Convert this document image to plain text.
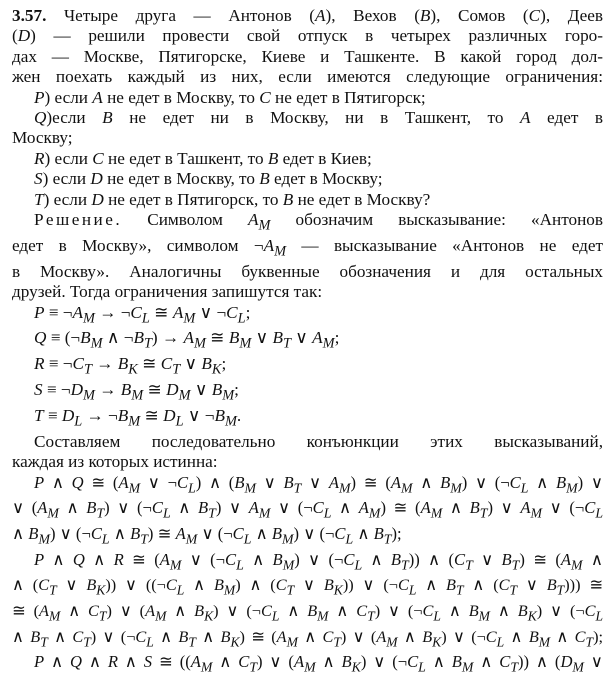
3.57. Четыре друга — Антонов (A), Вехов (B), Сомов (C), Деев
(D) — решили провести свой отпуск в четырех различных горо-
дах — Москве, Пятигорске, Киеве и Ташкенте. В какой город дол-
жен поехать каждый из них, если имеются следующие ограничения:
P) если A не едет в Москву, то C не едет в Пятигорск;
Q)если B не едет ни в Москву, ни в Ташкент, то A едет в
Москву;
R) если C не едет в Ташкент, то B едет в Киев;
S) если D не едет в Москву, то B едет в Москву;
T) если D не едет в Пятигорск, то B не едет в Москву?
Решение. Символом $A_M$ обозначим высказывание: «Антонов
едет в Москву», символом $\neg A_M$ — высказывание «Антонов не едет
в Москву». Аналогичны буквенные обозначения и для остальных
друзей. Тогда ограничения запишутся так:
$P \equiv \neg A_M$ → $\neg C_L$ ≅ $A_M$ ∨ $\neg C_L$;
$Q \equiv (\neg B_M$ ∧ $\neg B_T) \to A_M$ ≅ $B_M$ ∨ $B_T$ ∨ $A_M$;
$R \equiv \neg C_T \to B_K$ ≅ $C_T$ ∨ $B_K$;
$S \equiv \neg D_M \to B_M$ ≅ $D_M$ ∨ $B_M$;
$T \equiv D_L$ → $\neg B_M$ ≅ $D_L$ ∨ $\neg B_M$.
Составляем последовательно конъюнкции этих высказываний,
каждая из которых истинна:
P ∧ Q ≅ ($A_M$ ∨ $\neg C_L$) ∧ ($B_M$ ∨ $B_T$ ∨ $A_M$) ≅ ($A_M$ ∧ $B_M$) ∨ ($\neg C_L$ ∧ $B_M$) ∨
∨ ($A_M$ ∧ $B_T$) ∨ ($\neg C_L$ ∧ $B_T$) ∨ $A_M$ ∨ ($\neg C_L$ ∧ $A_M$) ≅ ($A_M$ ∧ $B_T$) ∨ $A_M$ ∨ ($\neg C_L$
∧ $B_M$) ∨ ($\neg C_L$ ∧ $B_T$) ≅ $A_M$ ∨ ($\neg C_L$ ∧ $B_M$) ∨ ($\neg C_L$ ∧ $B_T$);
P ∧ Q ∧ R ≅ ($A_M$ ∨ ($\neg C_L$ ∧ $B_M$) ∨ ($\neg C_L$ ∧ $B_T$)) ∧ ($C_T$ ∨ $B_T$) ≅ ($A_M$ ∧
∧ ($C_T$ ∨ $B_K$)) ∨ (($\neg C_L$ ∧ $B_M$) ∧ ($C_T$ ∨ $B_K$)) ∨ ($\neg C_L$ ∧ $B_T$ ∧ ($C_T$ ∨ $B_T$))) ≅
≅ ($A_M$ ∧ $C_T$) ∨ ($A_M$ ∧ $B_K$) ∨ ($\neg C_L$ ∧ $B_M$ ∧ $C_T$) ∨ ($\neg C_L$ ∧ $B_M$ ∧ $B_K$) ∨ ($\neg C_L$
∧ $B_T$ ∧ $C_T$) ∨ ($\neg C_L$ ∧ $B_T$ ∧ $B_K$) ≅ ($A_M$ ∧ $C_T$) ∨ ($A_M$ ∧ $B_K$) ∨ ($\neg C_L$ ∧ $B_M$ ∧ $C_T$);
P ∧ Q ∧ R ∧ S ≅ (($A_M$ ∧ $C_T$) ∨ ($A_M$ ∧ $B_K$) ∨ ($\neg C_L$ ∧ $B_M$ ∧ $C_T$)) ∧ ($D_M$ ∨
